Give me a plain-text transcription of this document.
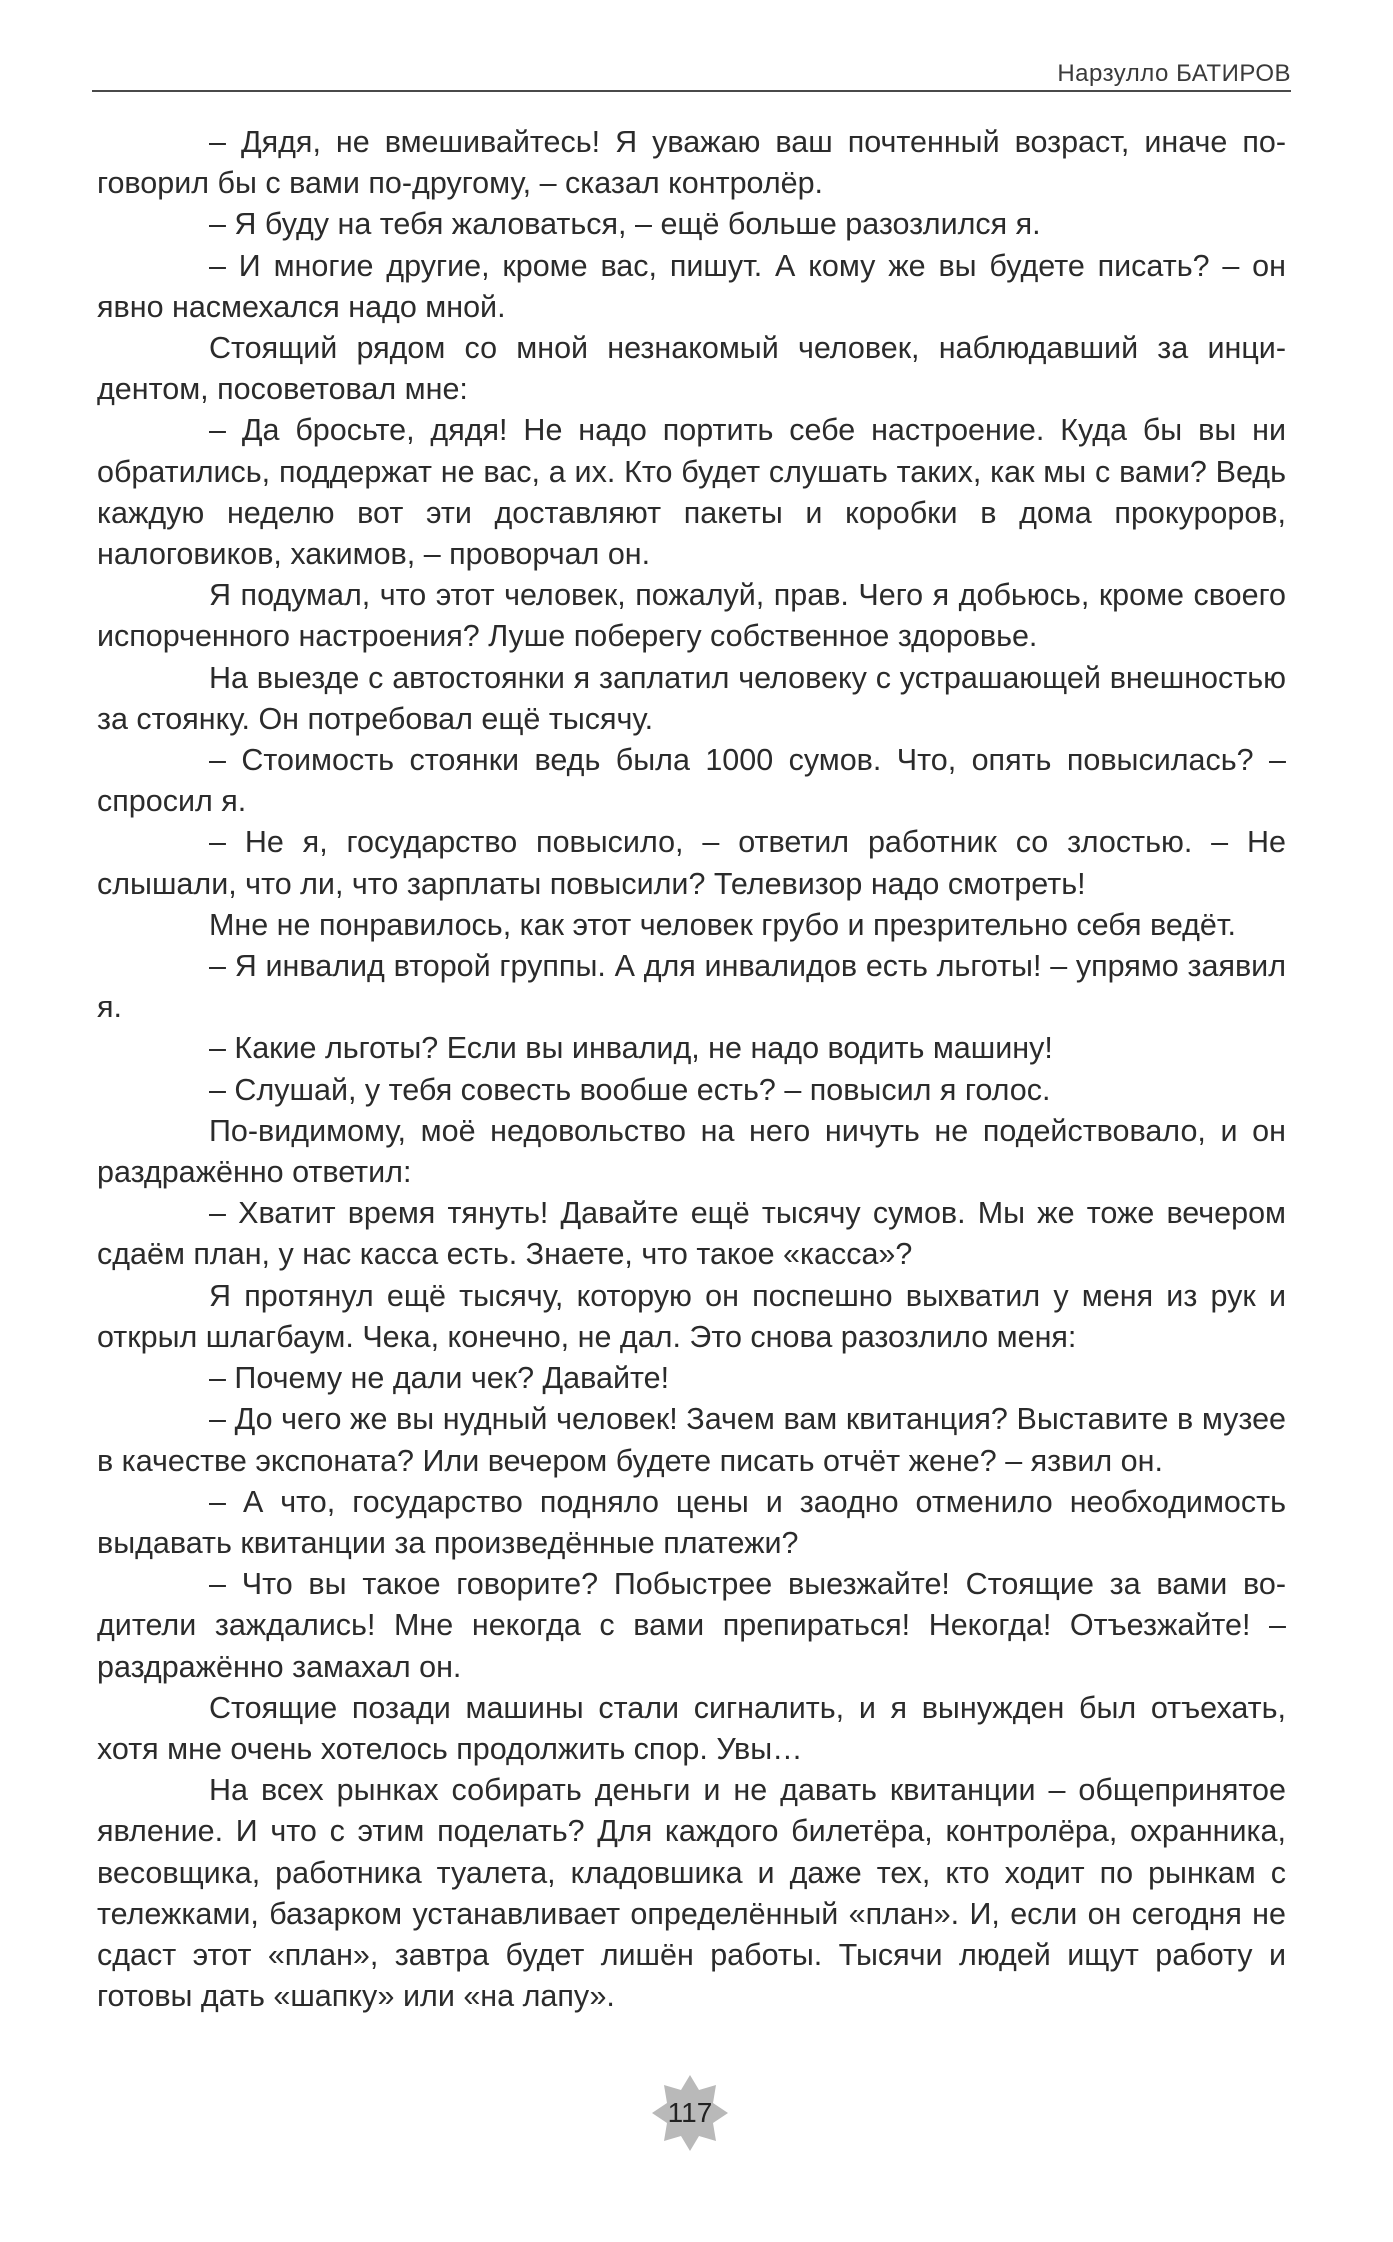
Нарзулло БАТИРОВ

– Дядя, не вмешивайтесь! Я уважаю ваш почтенный возраст, иначе поговорил бы с вами по-другому, – сказал контролёр.

– Я буду на тебя жаловаться, – ещё больше разозлился я.

– И многие другие, кроме вас, пишут. А кому же вы будете писать? – он явно насмехался надо мной.

Стоящий рядом со мной незнакомый человек, наблюдавший за инцидентом, посоветовал мне:

– Да бросьте, дядя! Не надо портить себе настроение. Куда бы вы ни обратились, поддержат не вас, а их. Кто будет слушать таких, как мы с вами? Ведь каждую неделю вот эти доставляют пакеты и коробки в дома прокуроров, налоговиков, хакимов, – проворчал он.

Я подумал, что этот человек, пожалуй, прав. Чего я добьюсь, кроме своего испорченного настроения? Луше поберегу собственное здоровье.

На выезде с автостоянки я заплатил человеку с устрашающей внешностью за стоянку. Он потребовал ещё тысячу.

– Стоимость стоянки ведь была 1000 сумов. Что, опять повысилась? – спросил я.

– Не я, государство повысило, – ответил работник со злостью. – Не слышали, что ли, что зарплаты повысили? Телевизор надо смотреть!

Мне не понравилось, как этот человек грубо и презрительно себя ведёт.

– Я инвалид второй группы. А для инвалидов есть льготы! – упрямо заявил я.

– Какие льготы? Если вы инвалид, не надо водить машину!

– Слушай, у тебя совесть вообше есть? – повысил я голос.

По-видимому, моё недовольство на него ничуть не подействовало, и он раздражённо ответил:

– Хватит время тянуть! Давайте ещё тысячу сумов. Мы же тоже вечером сдаём план, у нас касса есть. Знаете, что такое «касса»?

Я протянул ещё тысячу, которую он поспешно выхватил у меня из рук и открыл шлагбаум. Чека, конечно, не дал. Это снова разозлило меня:

– Почему не дали чек? Давайте!

– До чего же вы нудный человек! Зачем вам квитанция? Выставите в музее в качестве экспоната? Или вечером будете писать отчёт жене? – язвил он.

– А что, государство подняло цены и заодно отменило необходимость выдавать квитанции за произведённые платежи?

– Что вы такое говорите? Побыстрее выезжайте! Стоящие за вами водители заждались! Мне некогда с вами препираться! Некогда! Отъезжайте! – раздражённо замахал он.

Стоящие позади машины стали сигналить, и я вынужден был отъехать, хотя мне очень хотелось продолжить спор. Увы…

На всех рынках собирать деньги и не давать квитанции – общепринятое явление. И что с этим поделать? Для каждого билетёра, контролёра, охранника, весовщика, работника туалета, кладовшика и даже тех, кто ходит по рынкам с тележками, базарком устанавливает определённый «план». И, если он сегодня не сдаст этот «план», завтра будет лишён работы. Тысячи людей ищут работу и готовы дать «шапку» или «на лапу».

117
